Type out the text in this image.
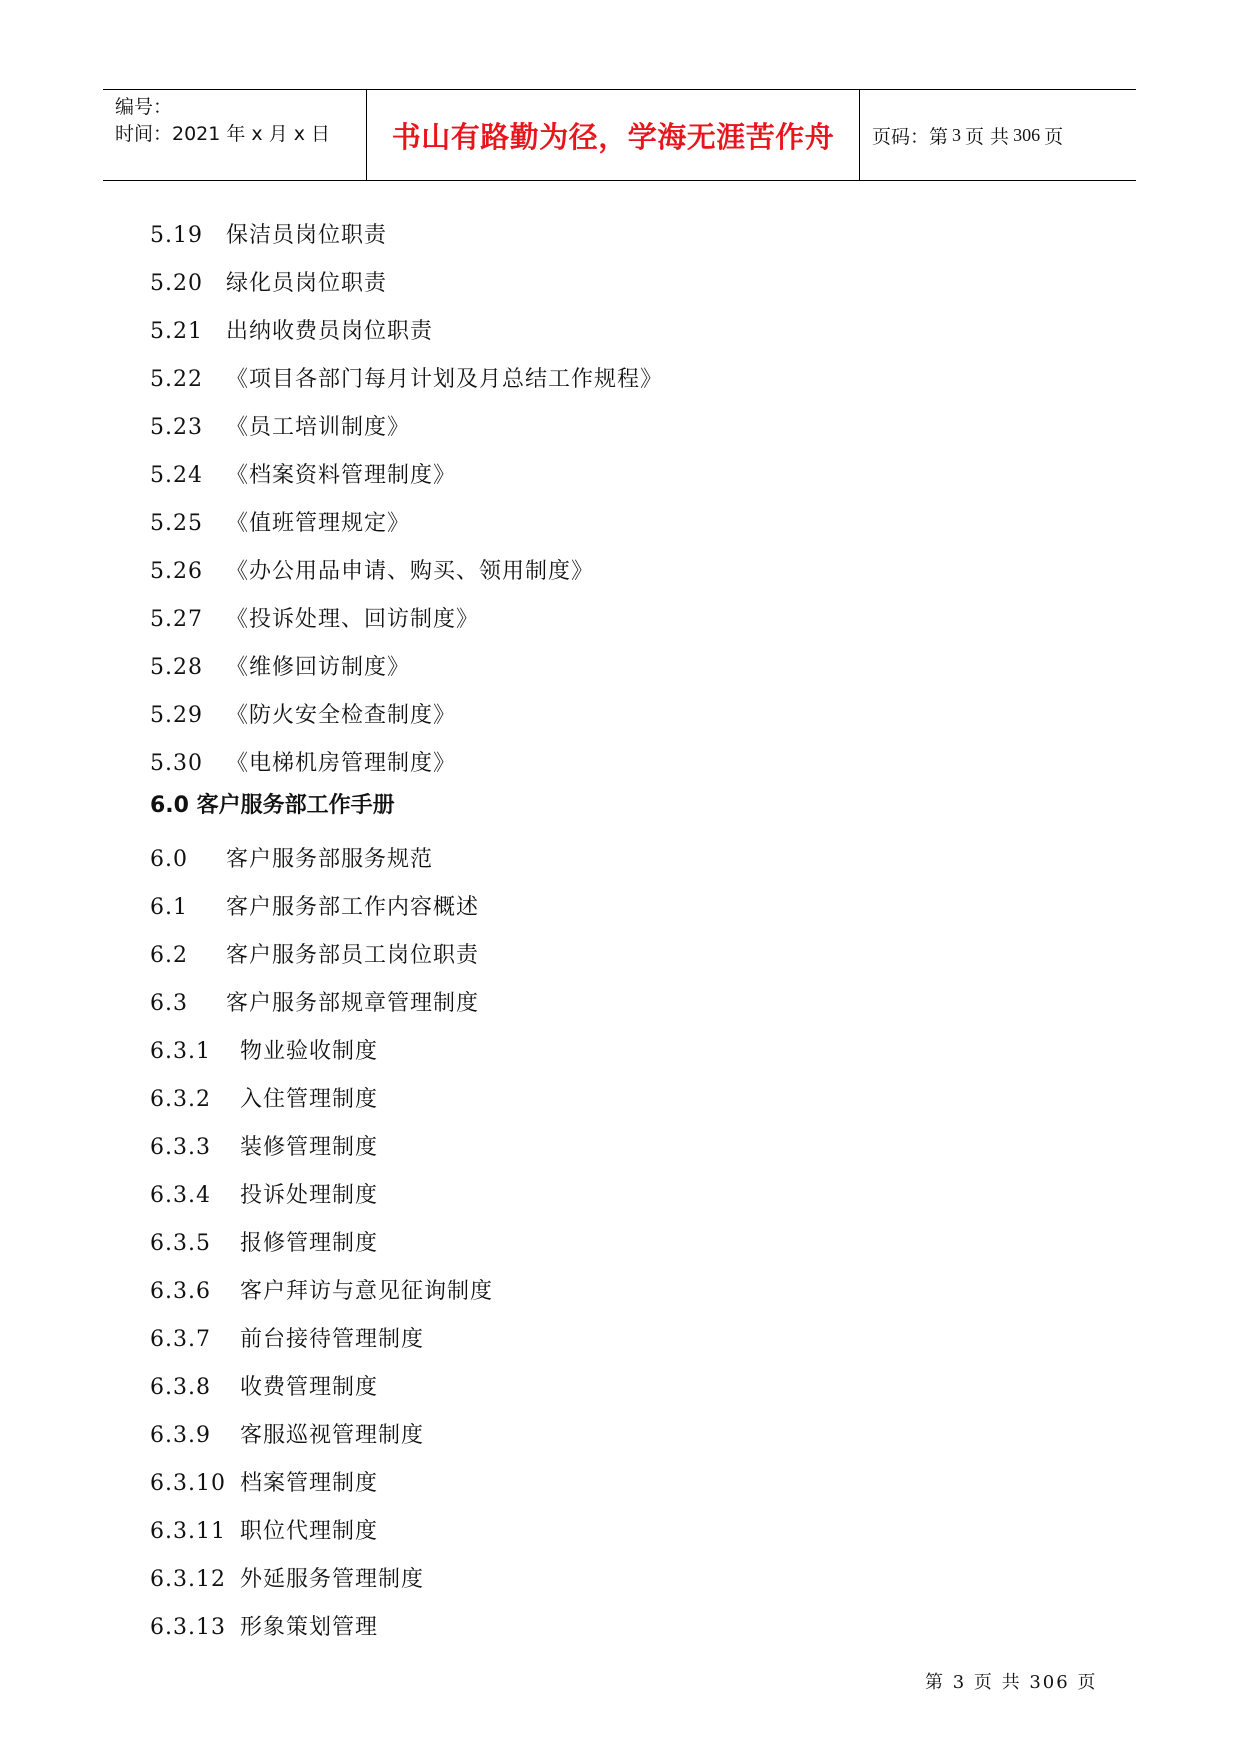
编号：
时间：2021 年 x 月 x 日	书山有路勤为径，学海无涯苦作舟 页码：第 3 页 共 306 页
5.19	保洁员岗位职责
5.20	绿化员岗位职责
5.21	出纳收费员岗位职责
5.22	《项目各部门每月计划及月总结工作规程》
5.23	《员工培训制度》
5.24	《档案资料管理制度》
5.25	《值班管理规定》
5.26	《办公用品申请、购买、领用制度》
5.27	《投诉处理、回访制度》
5.28	《维修回访制度》
5.29	《防火安全检查制度》
5.30	《电梯机房管理制度》
6.0 客户服务部工作手册
6.0	客户服务部服务规范
6.1	客户服务部工作内容概述
6.2	客户服务部员工岗位职责
6.3	客户服务部规章管理制度
6.3.1	物业验收制度
6.3.2	入住管理制度
6.3.3	装修管理制度
6.3.4	投诉处理制度
6.3.5	报修管理制度
6.3.6	客户拜访与意见征询制度
6.3.7	前台接待管理制度
6.3.8	收费管理制度
6.3.9	客服巡视管理制度
6.3.10 档案管理制度
6.3.11 职位代理制度
6.3.12 外延服务管理制度
6.3.13 形象策划管理
第 3 页 共 306 页
